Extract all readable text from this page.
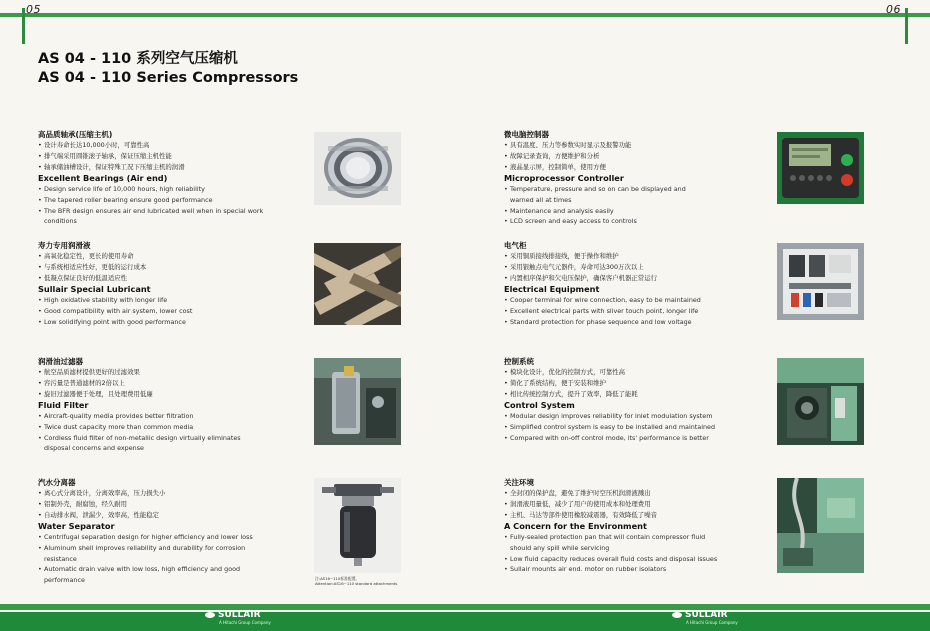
05	06
AS 04 - 110 系列空气压缩机
AS 04 - 110 Series Compressors
高品质轴承(压缩主机)
• 设计寿命长达10,000小时，可靠性高
• 排气端采用圆锥滚子轴承，保证压缩主机性能
• 轴承储油槽设计，保证特殊工况下压缩主机的润滑
Excellent Bearings (Air end)
• Design service life of 10,000 hours, high reliability
• The tapered roller bearing ensure good performance
• The BFR design ensures air end lubricated well when in special work conditions
寿力专用润滑液
• 高氧化稳定性，更长的使用寿命
• 与系统相适应性好，更低的运行成本
• 低凝点保证良好的低温适应性
Sullair Special Lubricant
• High oxidative stability with longer life
• Good compatibility with air system, lower cost
• Low solidifying point with good performance
润滑油过滤器
• 航空品质滤材提供更好的过滤效果
• 容污量是普通滤材的2倍以上
• 旋旧过滤器便于处理，且处理费用低廉
Fluid Filter
• Aircraft-quality media provides better filtration
• Twice dust capacity more than common media
• Cordless fluid filter of non-metallic design virtually eliminates disposal concerns and expense
汽水分离器
• 离心式分离设计，分离效率高，压力损失小
• 铝制外壳，耐腐蚀，经久耐用
• 自动排水阀，泄漏少，效率高，性能稳定
Water Separator
• Centrifugal separation design for higher efficiency and lower loss
• Aluminum shell improves reliability and durability for corrosion resistance
• Automatic drain valve with low loss, high efficiency and good performance
微电脑控制器
• 具有温度、压力等参数实时显示及报警功能
• 故障记录查询，方便维护和分析
• 液晶显示屏，控制简单，使用方便
Microprocessor Controller
• Temperature, pressure and so on can be displayed and warned all at times
• Maintenance and analysis easily
• LCD screen and easy access to controls
电气柜
• 采用铜质接线排接线，便于操作和维护
• 采用银触点电气元器件，寿命可达300万次以上
• 内置相序保护和欠电压保护，确保客户机器正常运行
Electrical Equipment
• Cooper terminal for wire connection, easy to be maintained
• Excellent electrical parts with sliver touch point, longer life
• Standard protection for phase sequence and low voltage
控制系统
• 模块化设计，优化的控制方式，可靠性高
• 简化了系统结构，便于安装和维护
• 相比传统控制方式，提升了效率，降低了能耗
Control System
• Modular design improves reliability for inlet modulation system
• Simplified control system is easy to be installed and maintained
• Compared with on-off control mode, its' performance is better
关注环境
• 全封闭的保护盘，避免了维护时空压机润滑液溅出
• 润滑液用量低，减少了用户的使用成本和处理费用
• 主机、马达等部件使用橡胶减震器，有效降低了噪音
A Concern for the Environment
• Fully-sealed protection pan that will contain compressor fluid should any spill while servicing
• Low fluid capacity reduces overall fluid costs and disposal issues
• Sullair mounts air end. motor on rubber isolators
注:AS16~110标准配置。
Attention:AS16~110 standard attachments
SULLAIR
A Hitachi Group Company
SULLAIR
A Hitachi Group Company
